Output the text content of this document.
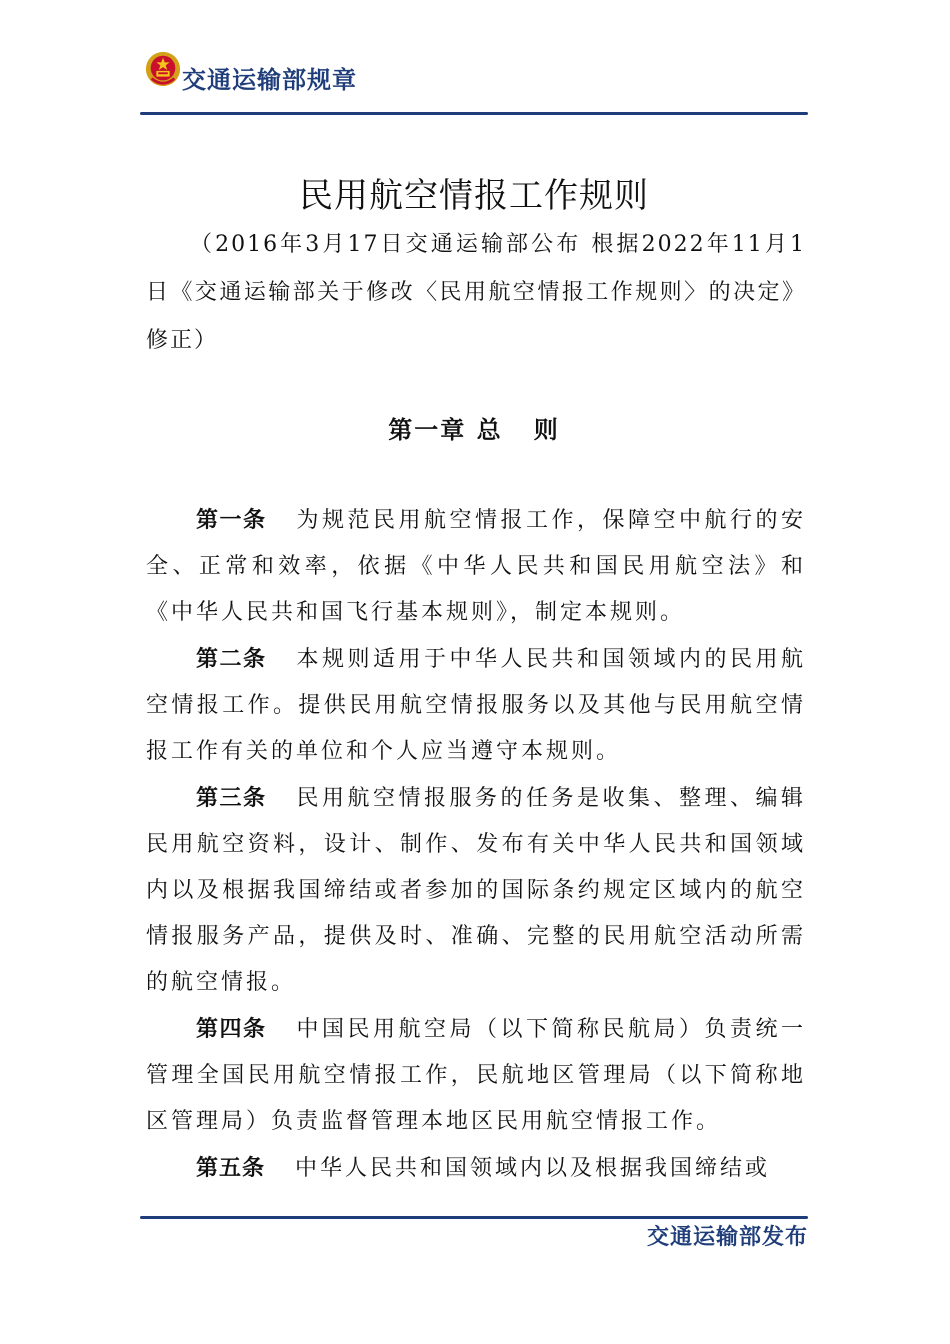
交通运输部规章
民用航空情报工作规则

（2016年3月17日交通运输部公布 根据2022年11月1日《交通运输部关于修改〈民用航空情报工作规则〉的决定》修正）

第一章 总   则

第一条 为规范民用航空情报工作，保障空中航行的安全、正常和效率，依据《中华人民共和国民用航空法》和《中华人民共和国飞行基本规则》，制定本规则。

第二条 本规则适用于中华人民共和国领域内的民用航空情报工作。提供民用航空情报服务以及其他与民用航空情报工作有关的单位和个人应当遵守本规则。

第三条 民用航空情报服务的任务是收集、整理、编辑民用航空资料，设计、制作、发布有关中华人民共和国领域内以及根据我国缔结或者参加的国际条约规定区域内的航空情报服务产品，提供及时、准确、完整的民用航空活动所需的航空情报。

第四条 中国民用航空局（以下简称民航局）负责统一管理全国民用航空情报工作，民航地区管理局（以下简称地区管理局）负责监督管理本地区民用航空情报工作。

第五条 中华人民共和国领域内以及根据我国缔结或

交通运输部发布
